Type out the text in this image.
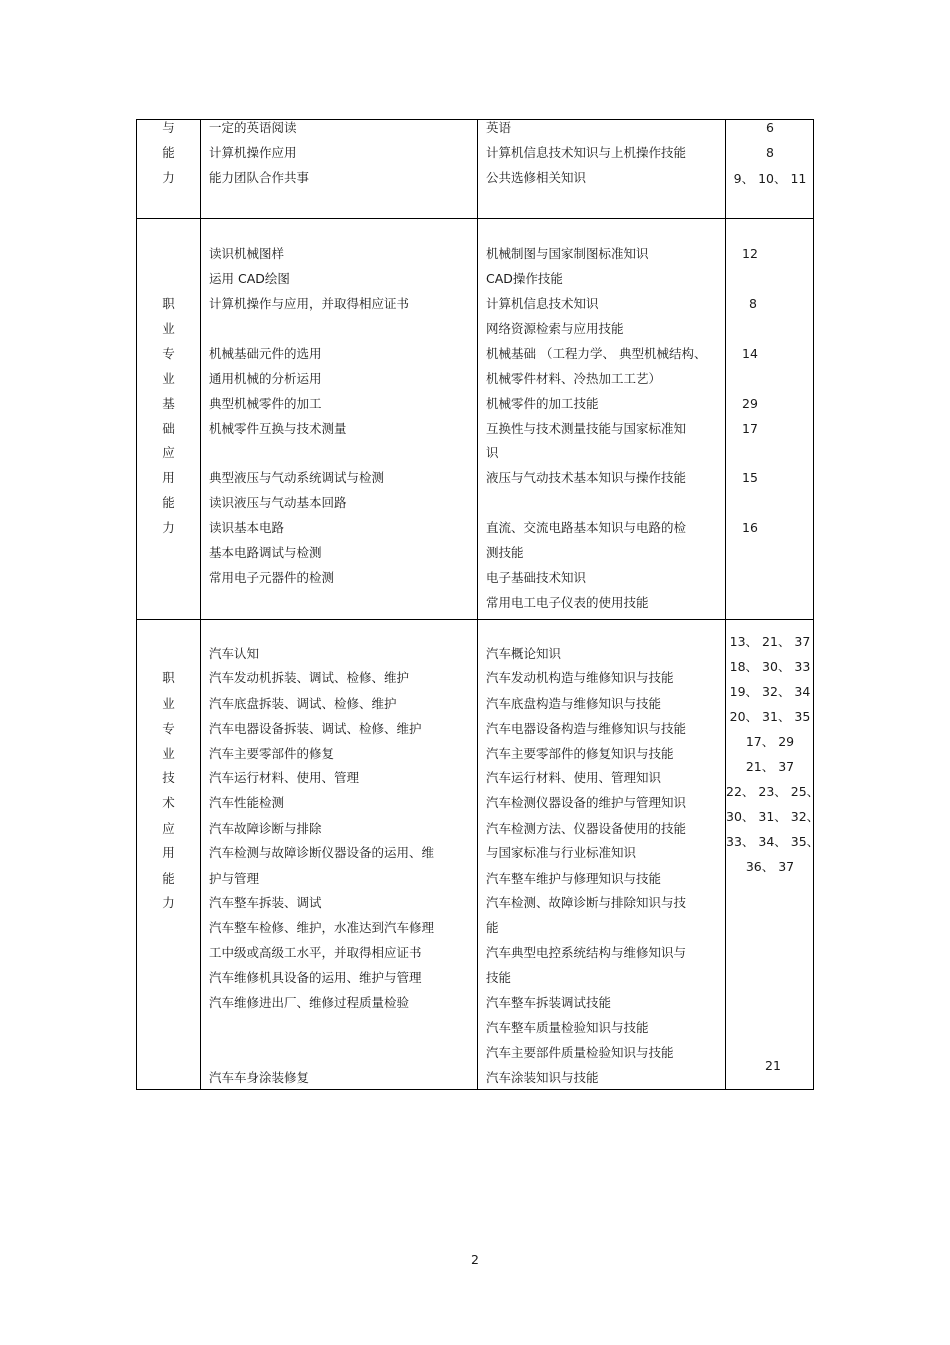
与
能
力
一定的英语阅读
计算机操作应用
能力团队合作共事
英语
计算机信息技术知识与上机操作技能
公共选修相关知识
6
8
9、 10、 11
职
业
专
业
基
础
应
用
能
力
读识机械图样
运用 CAD绘图
计算机操作与应用，并取得相应证书
机械基础元件的选用
通用机械的分析运用
典型机械零件的加工
机械零件互换与技术测量
典型液压与气动系统调试与检测
读识液压与气动基本回路
读识基本电路
基本电路调试与检测
常用电子元器件的检测
机械制图与国家制图标准知识
CAD操作技能
计算机信息技术知识
网络资源检索与应用技能
机械基础 （工程力学、 典型机械结构、
机械零件材料、冷热加工工艺）
机械零件的加工技能
互换性与技术测量技能与国家标准知
识
液压与气动技术基本知识与操作技能
直流、交流电路基本知识与电路的检
测技能
电子基础技术知识
常用电工电子仪表的使用技能
12
8
14
29
17
15
16
职
业
专
业
技
术
应
用
能
力
汽车认知
汽车发动机拆装、调试、检修、维护
汽车底盘拆装、调试、检修、维护
汽车电器设备拆装、调试、检修、维护
汽车主要零部件的修复
汽车运行材料、使用、管理
汽车性能检测
汽车故障诊断与排除
汽车检测与故障诊断仪器设备的运用、维
护与管理
汽车整车拆装、调试
汽车整车检修、维护，水准达到汽车修理
工中级或高级工水平，并取得相应证书
汽车维修机具设备的运用、维护与管理
汽车维修进出厂、维修过程质量检验
汽车车身涂装修复
汽车概论知识
汽车发动机构造与维修知识与技能
汽车底盘构造与维修知识与技能
汽车电器设备构造与维修知识与技能
汽车主要零部件的修复知识与技能
汽车运行材料、使用、管理知识
汽车检测仪器设备的维护与管理知识
汽车检测方法、仪器设备使用的技能
与国家标准与行业标准知识
汽车整车维护与修理知识与技能
汽车检测、故障诊断与排除知识与技
能
汽车典型电控系统结构与维修知识与
技能
汽车整车拆装调试技能
汽车整车质量检验知识与技能
汽车主要部件质量检验知识与技能
汽车涂装知识与技能
13、 21、 37
18、 30、 33
19、 32、 34
20、 31、 35
17、 29
21、 37
22、 23、 25、
30、 31、 32、
33、 34、 35、
36、 37
21
2
